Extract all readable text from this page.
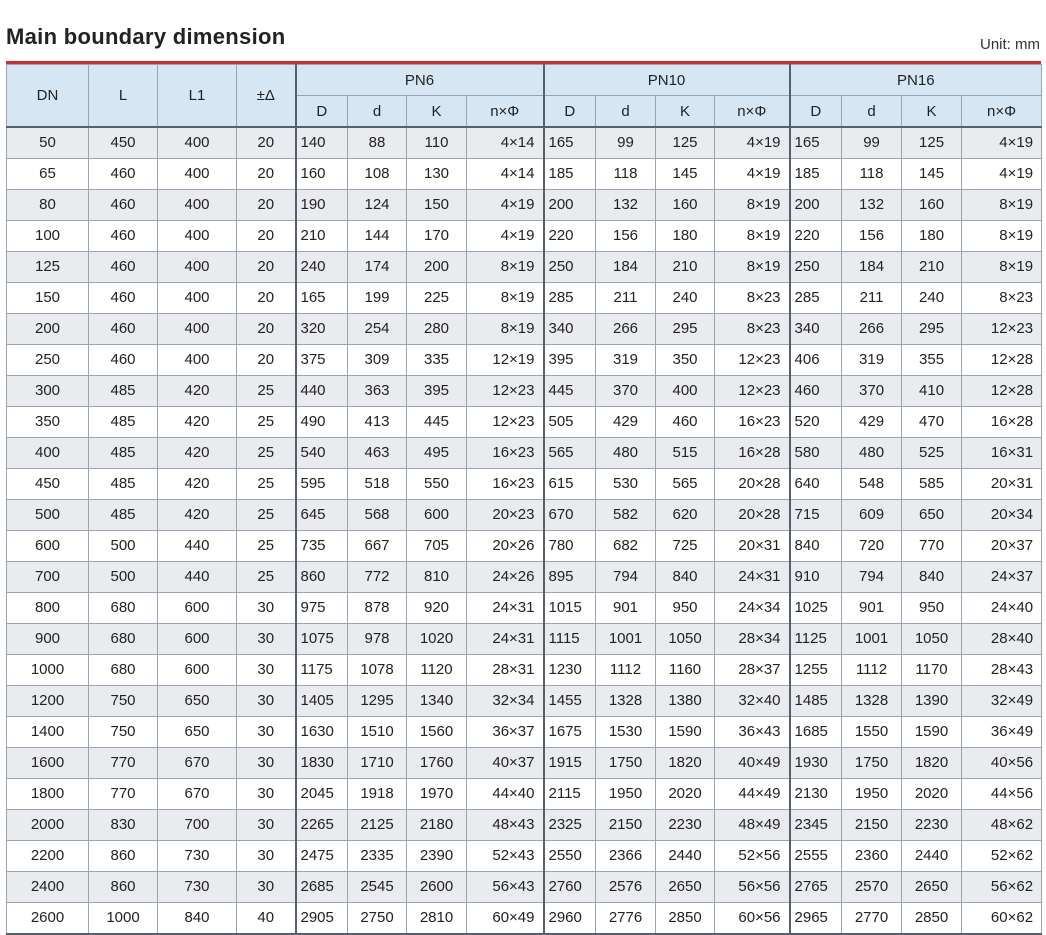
Main boundary dimension	Unit: mm
DN	L	L1	±Δ	PN6				PN10				PN16			
				D	d	K	n×Φ	D	d	K	n×Φ	D	d	K	n×Φ
50	450	400	20	140	88	110	4×14	165	99	125	4×19	165	99	125	4×19
65	460	400	20	160	108	130	4×14	185	118	145	4×19	185	118	145	4×19
80	460	400	20	190	124	150	4×19	200	132	160	8×19	200	132	160	8×19
100	460	400	20	210	144	170	4×19	220	156	180	8×19	220	156	180	8×19
125	460	400	20	240	174	200	8×19	250	184	210	8×19	250	184	210	8×19
150	460	400	20	165	199	225	8×19	285	211	240	8×23	285	211	240	8×23
200	460	400	20	320	254	280	8×19	340	266	295	8×23	340	266	295	12×23
250	460	400	20	375	309	335	12×19	395	319	350	12×23	406	319	355	12×28
300	485	420	25	440	363	395	12×23	445	370	400	12×23	460	370	410	12×28
350	485	420	25	490	413	445	12×23	505	429	460	16×23	520	429	470	16×28
400	485	420	25	540	463	495	16×23	565	480	515	16×28	580	480	525	16×31
450	485	420	25	595	518	550	16×23	615	530	565	20×28	640	548	585	20×31
500	485	420	25	645	568	600	20×23	670	582	620	20×28	715	609	650	20×34
600	500	440	25	735	667	705	20×26	780	682	725	20×31	840	720	770	20×37
700	500	440	25	860	772	810	24×26	895	794	840	24×31	910	794	840	24×37
800	680	600	30	975	878	920	24×31	1015	901	950	24×34	1025	901	950	24×40
900	680	600	30	1075	978	1020	24×31	1115	1001	1050	28×34	1125	1001	1050	28×40
1000	680	600	30	1175	1078	1120	28×31	1230	1112	1160	28×37	1255	1112	1170	28×43
1200	750	650	30	1405	1295	1340	32×34	1455	1328	1380	32×40	1485	1328	1390	32×49
1400	750	650	30	1630	1510	1560	36×37	1675	1530	1590	36×43	1685	1550	1590	36×49
1600	770	670	30	1830	1710	1760	40×37	1915	1750	1820	40×49	1930	1750	1820	40×56
1800	770	670	30	2045	1918	1970	44×40	2115	1950	2020	44×49	2130	1950	2020	44×56
2000	830	700	30	2265	2125	2180	48×43	2325	2150	2230	48×49	2345	2150	2230	48×62
2200	860	730	30	2475	2335	2390	52×43	2550	2366	2440	52×56	2555	2360	2440	52×62
2400	860	730	30	2685	2545	2600	56×43	2760	2576	2650	56×56	2765	2570	2650	56×62
2600	1000	840	40	2905	2750	2810	60×49	2960	2776	2850	60×56	2965	2770	2850	60×62
